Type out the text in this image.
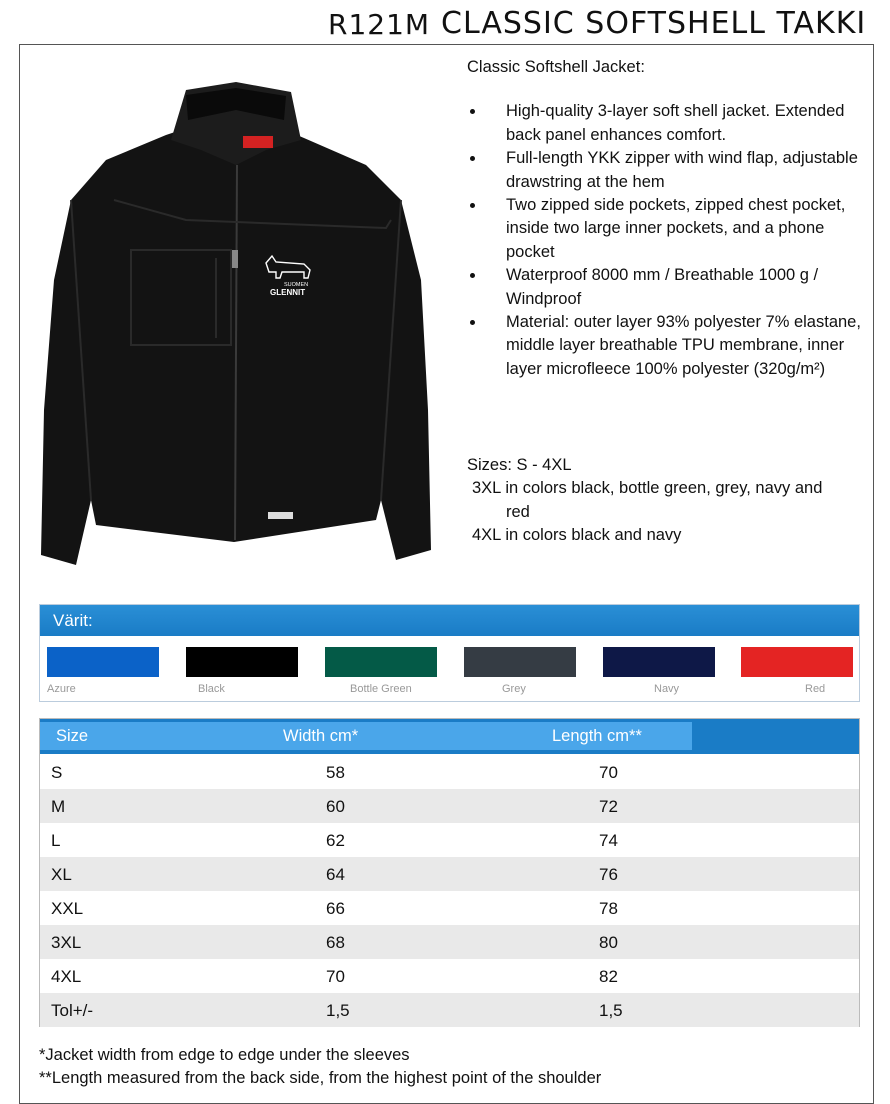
R121M CLASSIC SOFTSHELL TAKKI
SUOMEN
GLENNIT

Classic Softshell Jacket:

High-quality 3-layer soft shell jacket. Extended back panel enhances comfort.
Full-length YKK zipper with wind flap, adjustable drawstring at the hem
Two zipped side pockets, zipped chest pocket, inside two large inner pockets, and a phone pocket
Waterproof 8000 mm / Breathable 1000 g / Windproof
Material: outer layer 93% polyester 7% elastane, middle layer breathable TPU membrane, inner layer microfleece 100% polyester (320g/m²)
Sizes: S - 4XL
3XL in colors black, bottle green, grey, navy and
red
4XL in colors black and navy
Värit:
Azure	Black	Bottle Green	Grey	Navy	Red
Size	Width cm*	Length cm**
S	58	70
M	60	72
L	62	74
XL	64	76
XXL	66	78
3XL	68	80
4XL	70	82
Tol+/-	1,5	1,5
*Jacket width from edge to edge under the sleeves
**Length measured from the back side, from the highest point of the shoulder
